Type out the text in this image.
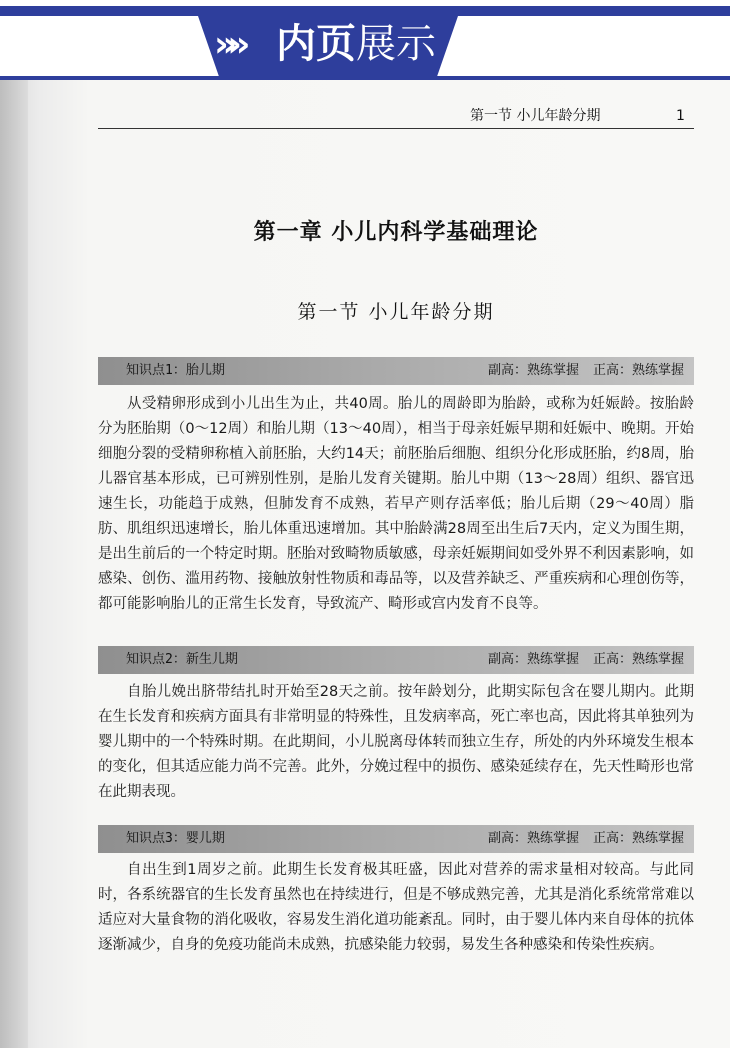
»» 内页展示
第一节 小儿年龄分期	1
第一章 小儿内科学基础理论
第一节 小儿年龄分期
知识点1：胎儿期	副高：熟练掌握 正高：熟练掌握

从受精卵形成到小儿出生为止，共40周。胎儿的周龄即为胎龄，或称为妊娠龄。按胎龄分为胚胎期（0～12周）和胎儿期（13～40周），相当于母亲妊娠早期和妊娠中、晚期。开始细胞分裂的受精卵称植入前胚胎，大约14天；前胚胎后细胞、组织分化形成胚胎，约8周，胎儿器官基本形成，已可辨别性别，是胎儿发育关键期。胎儿中期（13～28周）组织、器官迅速生长，功能趋于成熟，但肺发育不成熟，若早产则存活率低；胎儿后期（29～40周）脂肪、肌组织迅速增长，胎儿体重迅速增加。其中胎龄满28周至出生后7天内，定义为围生期，是出生前后的一个特定时期。胚胎对致畸物质敏感，母亲妊娠期间如受外界不利因素影响，如感染、创伤、滥用药物、接触放射性物质和毒品等，以及营养缺乏、严重疾病和心理创伤等，都可能影响胎儿的正常生长发育，导致流产、畸形或宫内发育不良等。

知识点2：新生儿期	副高：熟练掌握 正高：熟练掌握

自胎儿娩出脐带结扎时开始至28天之前。按年龄划分，此期实际包含在婴儿期内。此期在生长发育和疾病方面具有非常明显的特殊性，且发病率高，死亡率也高，因此将其单独列为婴儿期中的一个特殊时期。在此期间，小儿脱离母体转而独立生存，所处的内外环境发生根本的变化，但其适应能力尚不完善。此外，分娩过程中的损伤、感染延续存在，先天性畸形也常在此期表现。

知识点3：婴儿期	副高：熟练掌握 正高：熟练掌握

自出生到1周岁之前。此期生长发育极其旺盛，因此对营养的需求量相对较高。与此同时，各系统器官的生长发育虽然也在持续进行，但是不够成熟完善，尤其是消化系统常常难以适应对大量食物的消化吸收，容易发生消化道功能紊乱。同时，由于婴儿体内来自母体的抗体逐渐减少，自身的免疫功能尚未成熟，抗感染能力较弱，易发生各种感染和传染性疾病。
